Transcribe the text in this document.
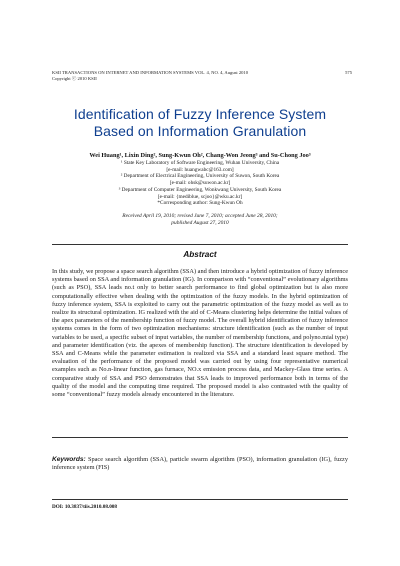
KSII TRANSACTIONS ON INTERNET AND INFORMATION SYSTEMS VOL. 4, NO. 4, August 2010	575
Copyright ⓒ 2010 KSII
Identification of Fuzzy Inference System
Based on Information Granulation
Wei Huang¹, Lixin Ding², Sung-Kwun Oh², Chang-Won Jeong³ and Su-Chong Joo³
¹ State Key Laboratory of Software Engineering, Wuhan University, China
[e-mail: huangwabc@163.com]
² Department of Electrical Engineering, University of Suwon, South Korea
[e-mail: ohsk@suwon.ac.kr]
³ Department of Computer Engineering, Wonkwang University, South Korea
[e-mail: {mediblue, scjoo}@wku.ac.kr]
*Corresponding author: Sung-Kwun Oh
Received April 19, 2010; revised June 7, 2010; accepted June 28, 2010;
published August 27, 2010
Abstract
In this study, we propose a space search algorithm (SSA) and then introduce a hybrid optimization of fuzzy inference systems based on SSA and information granulation (IG). In comparison with “conventional” evolutionary algorithms (such as PSO), SSA leads no.t only to better search performance to find global optimization but is also more computationally effective when dealing with the optimization of the fuzzy models. In the hybrid optimization of fuzzy inference system, SSA is exploited to carry out the parametric optimization of the fuzzy model as well as to realize its structural optimization. IG realized with the aid of C-Means clustering helps determine the initial values of the apex parameters of the membership function of fuzzy model. The overall hybrid identification of fuzzy inference systems comes in the form of two optimization mechanisms: structure identification (such as the number of input variables to be used, a specific subset of input variables, the number of membership functions, and polyno.mial type) and parameter identification (viz. the apexes of membership function). The structure identification is developed by SSA and C-Means while the parameter estimation is realized via SSA and a standard least square method. The evaluation of the performance of the proposed model was carried out by using four representative numerical examples such as No.n-linear function, gas furnace, NO.x emission process data, and Mackey-Glass time series. A comparative study of SSA and PSO demonstrates that SSA leads to improved performance both in terms of the quality of the model and the computing time required. The proposed model is also contrasted with the quality of some “conventional” fuzzy models already encountered in the literature.
Keywords: Space search algorithm (SSA), particle swarm algorithm (PSO), information granulation (IG), fuzzy inference system (FIS)
DOI: 10.3837/tiis.2010.08.008
